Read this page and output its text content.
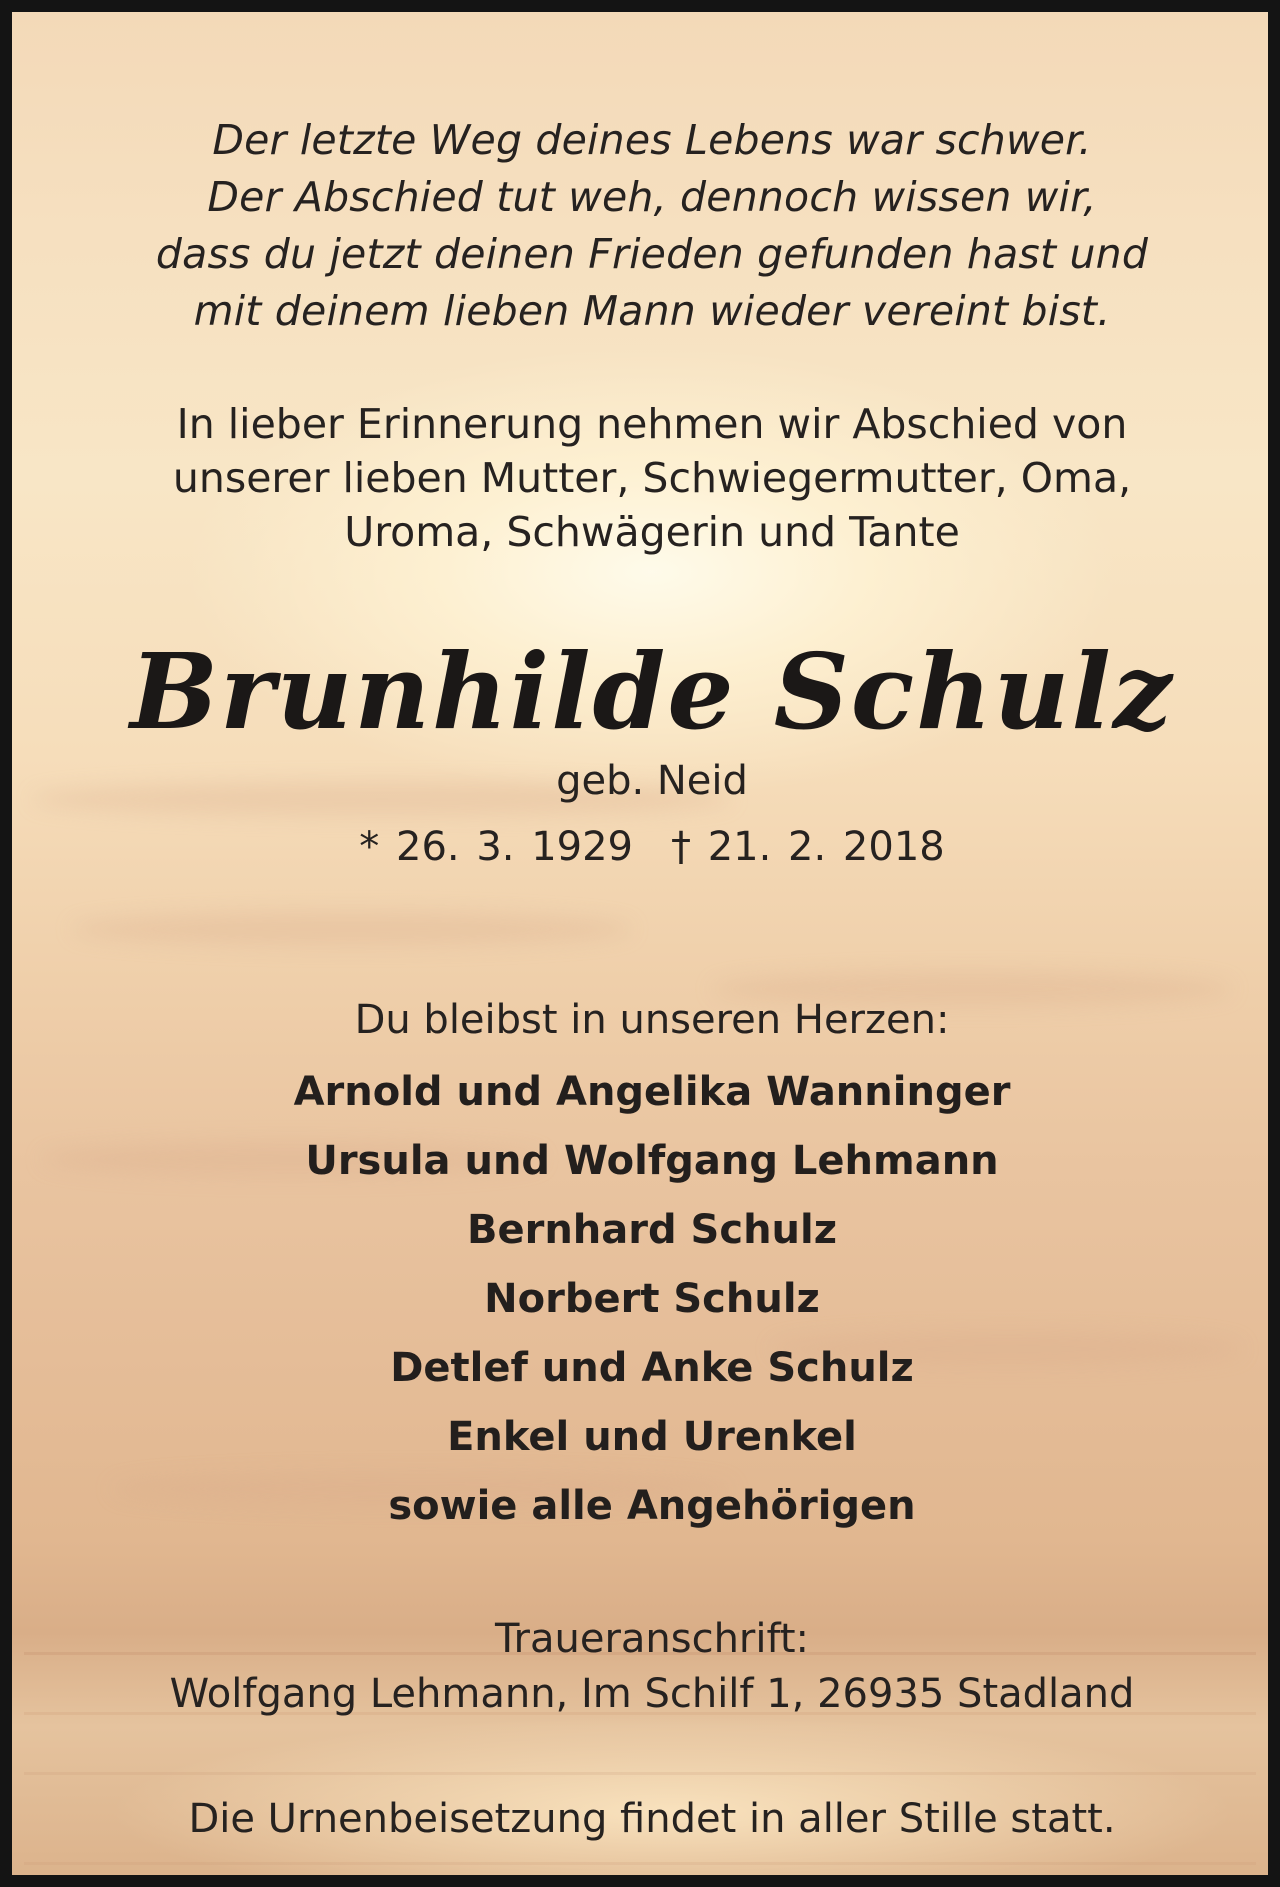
Der letzte Weg deines Lebens war schwer.
Der Abschied tut weh, dennoch wissen wir,
dass du jetzt deinen Frieden gefunden hast und
mit deinem lieben Mann wieder vereint bist.
In lieber Erinnerung nehmen wir Abschied von
unserer lieben Mutter, Schwiegermutter, Oma,
Uroma, Schwägerin und Tante
Brunhilde Schulz
geb. Neid
* 26. 3. 1929 † 21. 2. 2018
Du bleibst in unseren Herzen:
Arnold und Angelika Wanninger
Ursula und Wolfgang Lehmann
Bernhard Schulz
Norbert Schulz
Detlef und Anke Schulz
Enkel und Urenkel
sowie alle Angehörigen
Traueranschrift:
Wolfgang Lehmann, Im Schilf 1, 26935 Stadland
Die Urnenbeisetzung findet in aller Stille statt.
